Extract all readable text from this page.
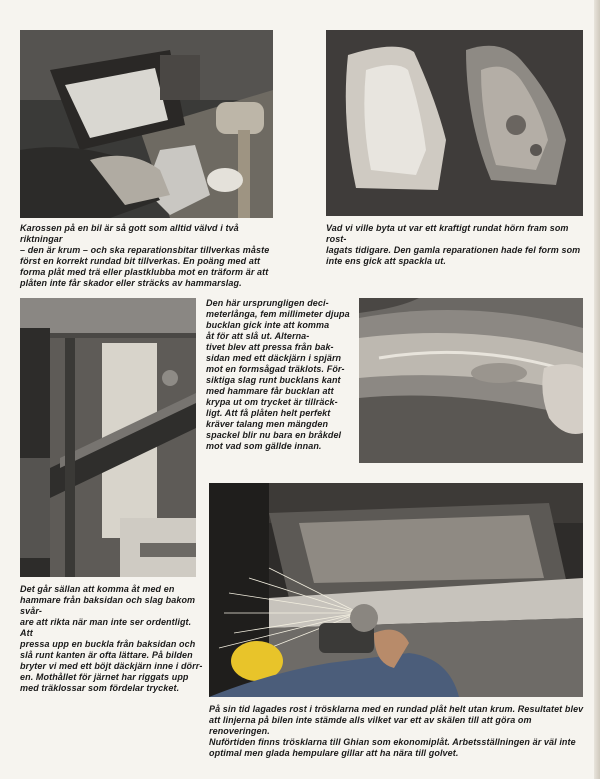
Karossen på en bil är så gott som alltid välvd i två riktningar
– den är krum – och ska reparationsbitar tillverkas måste
först en korrekt rundad bit tillverkas. En poäng med att
forma plåt med trä eller plastklubba mot en träform är att
plåten inte får skador eller sträcks av hammarslag.
Vad vi ville byta ut var ett kraftigt rundat hörn fram som rost-
lagats tidigare. Den gamla reparationen hade fel form som
inte ens gick att spackla ut.
Den här ursprungligen deci-
meterlånga, fem millimeter djupa
bucklan gick inte att komma
åt för att slå ut. Alterna-
tivet blev att pressa från bak-
sidan med ett däckjärn i spjärn
mot en formsågad träklots. För-
siktiga slag runt bucklans kant
med hammare får bucklan att
krypa ut om trycket är tillräck-
ligt. Att få plåten helt perfekt
kräver talang men mängden
spackel blir nu bara en bråkdel
mot vad som gällde innan.
Det går sällan att komma åt med en
hammare från baksidan och slag bakom svår-
are att rikta när man inte ser ordentligt. Att
pressa upp en buckla från baksidan och
slå runt kanten är ofta lättare. På bilden
bryter vi med ett böjt däckjärn inne i dörr-
en. Mothållet för järnet har riggats upp
med träklossar som fördelar trycket.
På sin tid lagades rost i trösklarna med en rundad plåt helt utan krum. Resultatet blev
att linjerna på bilen inte stämde alls vilket var ett av skälen till att göra om renoveringen.
Nuförtiden finns trösklarna till Ghian som ekonomiplåt. Arbetsställningen är väl inte
optimal men glada hempulare gillar att ha nära till golvet.
